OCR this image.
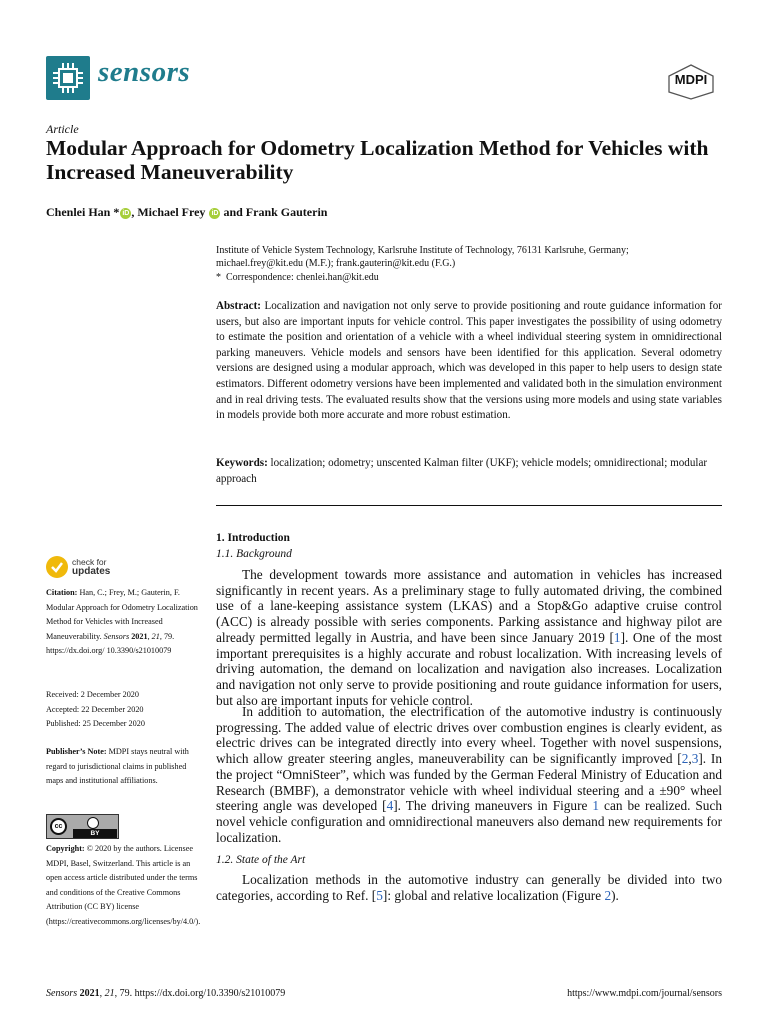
sensors	MDPI
Article
Modular Approach for Odometry Localization Method for Vehicles with Increased Maneuverability
Chenlei Han * iD , Michael Frey iD and Frank Gauterin
Institute of Vehicle System Technology, Karlsruhe Institute of Technology, 76131 Karlsruhe, Germany;
michael.frey@kit.edu (M.F.); frank.gauterin@kit.edu (F.G.)
* Correspondence: chenlei.han@kit.edu
Abstract: Localization and navigation not only serve to provide positioning and route guidance information for users, but also are important inputs for vehicle control. This paper investigates the possibility of using odometry to estimate the position and orientation of a vehicle with a wheel individual steering system in omnidirectional parking maneuvers. Vehicle models and sensors have been identified for this application. Several odometry versions are designed using a modular approach, which was developed in this paper to help users to design state estimators. Different odometry versions have been implemented and validated both in the simulation environment and in real driving tests. The evaluated results show that the versions using more models and using state variables in models provide both more accurate and more robust estimation.
Keywords: localization; odometry; unscented Kalman filter (UKF); vehicle models; omnidirectional; modular approach
check for
updates
Citation: Han, C.; Frey, M.; Gauterin, F. Modular Approach for Odometry Localization Method for Vehicles with Increased Maneuverability. Sensors 2021, 21, 79. https://dx.doi.org/ 10.3390/s21010079
Received: 2 December 2020
Accepted: 22 December 2020
Published: 25 December 2020
Publisher’s Note: MDPI stays neutral with regard to jurisdictional claims in published maps and institutional affiliations.
cc
BY
Copyright: © 2020 by the authors. Licensee MDPI, Basel, Switzerland. This article is an open access article distributed under the terms and conditions of the Creative Commons Attribution (CC BY) license (https://creativecommons.org/licenses/by/4.0/).
1. Introduction
1.1. Background

The development towards more assistance and automation in vehicles has increased significantly in recent years. As a preliminary stage to fully automated driving, the combined use of a lane-keeping assistance system (LKAS) and a Stop&Go adaptive cruise control (ACC) is already possible with series components. Parking assistance and highway pilot are already permitted legally in Austria, and have been since January 2019 [1]. One of the most important prerequisites is a highly accurate and robust localization. With increasing levels of driving automation, the demand on localization and navigation also increases. Localization and navigation not only serve to provide positioning and route guidance information for users, but also are important inputs for vehicle control.

In addition to automation, the electrification of the automotive industry is continuously progressing. The added value of electric drives over combustion engines is clearly evident, as electric drives can be integrated directly into every wheel. Together with novel suspensions, which allow greater steering angles, maneuverability can be significantly improved [2,3]. In the project “OmniSteer”, which was funded by the German Federal Ministry of Education and Research (BMBF), a demonstrator vehicle with wheel individual steering and a ±90° wheel steering angle was developed [4]. The driving maneuvers in Figure 1 can be realized. Such novel vehicle configuration and omnidirectional maneuvers also demand new requirements for localization.

1.2. State of the Art

Localization methods in the automotive industry can generally be divided into two categories, according to Ref. [5]: global and relative localization (Figure 2).

Sensors 2021, 21, 79. https://dx.doi.org/10.3390/s21010079	https://www.mdpi.com/journal/sensors
